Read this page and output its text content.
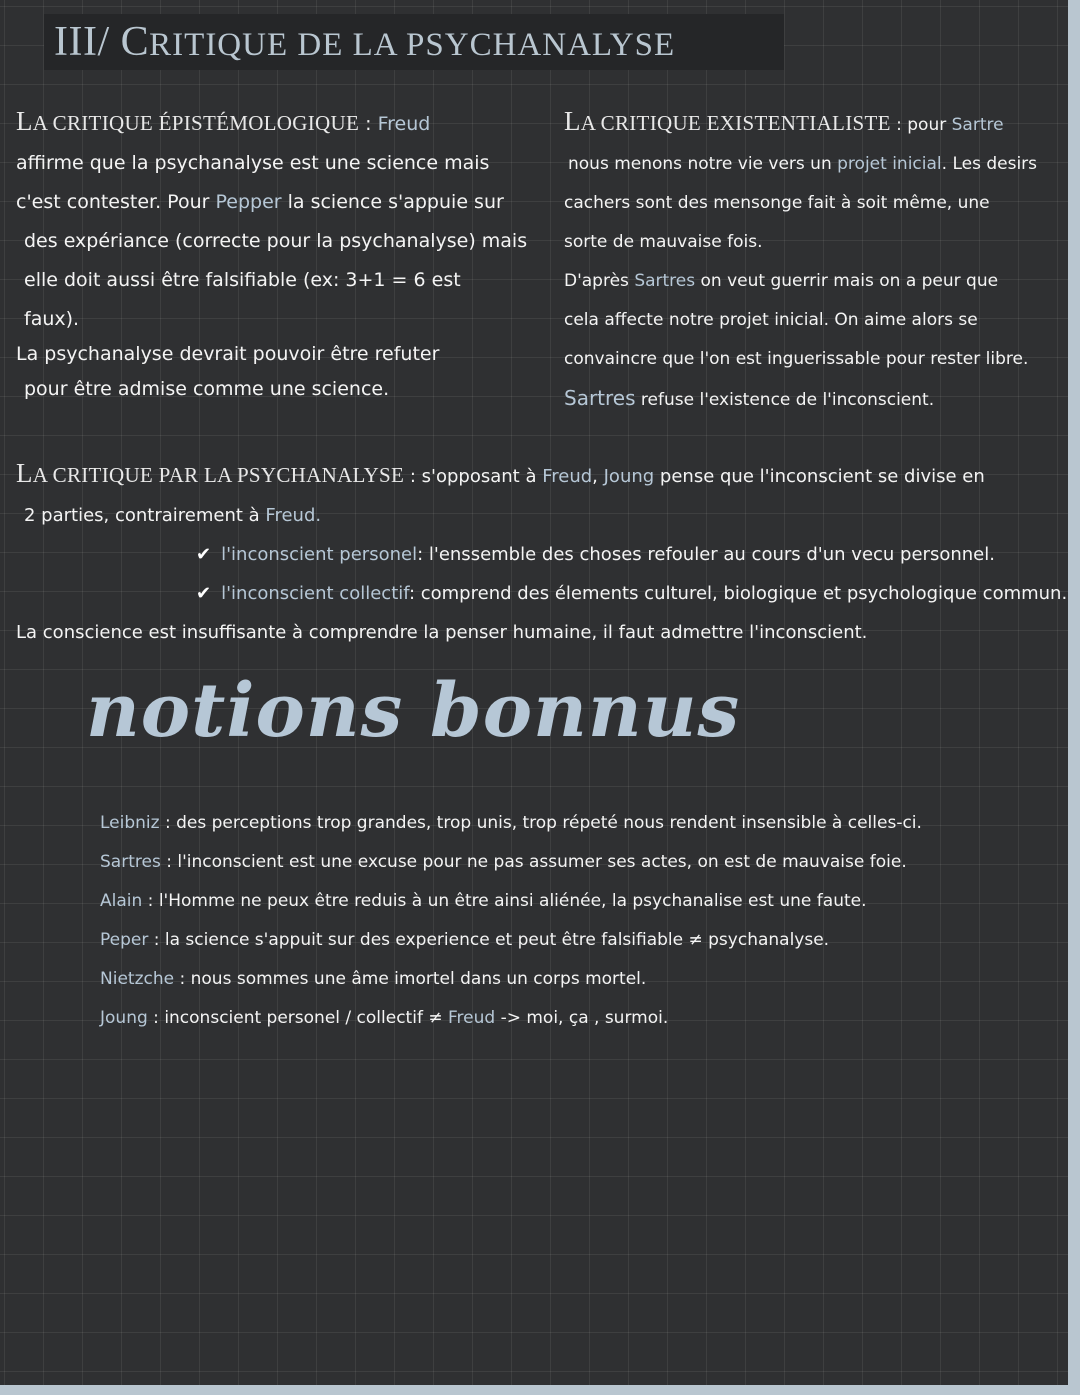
III/ CRITIQUE DE LA PSYCHANALYSE

LA CRITIQUE ÉPISTÉMOLOGIQUE : Freud

affirme que la psychanalyse est une science mais

c'est contester. Pour Pepper la science s'appuie sur

des expériance (correcte pour la psychanalyse) mais

elle doit aussi être falsifiable (ex: 3+1 = 6 est

faux).

La psychanalyse devrait pouvoir être refuter

pour être admise comme une science.

LA CRITIQUE EXISTENTIALISTE : pour Sartre

nous menons notre vie vers un projet inicial. Les desirs

cachers sont des mensonge fait à soit même, une

sorte de mauvaise fois.

D'après Sartres on veut guerrir mais on a peur que

cela affecte notre projet inicial. On aime alors se

convaincre que l'on est inguerissable pour rester libre.

Sartres refuse l'existence de l'inconscient.

LA CRITIQUE PAR LA PSYCHANALYSE : s'opposant à Freud, Joung pense que l'inconscient se divise en

2 parties, contrairement à Freud.

✔ l'inconscient personel: l'enssemble des choses refouler au cours d'un vecu personnel.

✔ l'inconscient collectif: comprend des élements culturel, biologique et psychologique commun.

La conscience est insuffisante à comprendre la penser humaine, il faut admettre l'inconscient.

notions bonnus

Leibniz : des perceptions trop grandes, trop unis, trop répeté nous rendent insensible à celles-ci.

Sartres : l'inconscient est une excuse pour ne pas assumer ses actes, on est de mauvaise foie.

Alain : l'Homme ne peux être reduis à un être ainsi aliénée, la psychanalise est une faute.

Peper : la science s'appuit sur des experience et peut être falsifiable ≠ psychanalyse.

Nietzche : nous sommes une âme imortel dans un corps mortel.

Joung : inconscient personel / collectif ≠ Freud -> moi, ça , surmoi.
